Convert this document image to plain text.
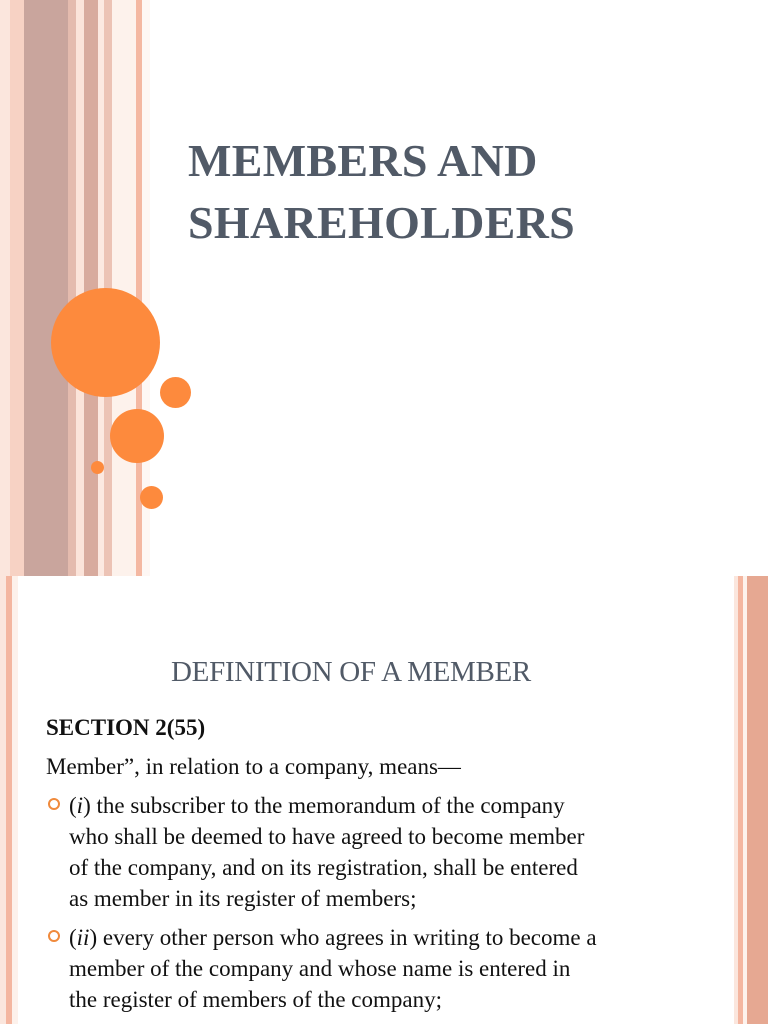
MEMBERS AND
SHAREHOLDERS
DEFINITION OF A MEMBER
SECTION 2(55)
Member”, in relation to a company, means—

(i) the subscriber to the memorandum of the company

who shall be deemed to have agreed to become member

of the company, and on its registration, shall be entered

as member in its register of members;

(ii) every other person who agrees in writing to become a

member of the company and whose name is entered in

the register of members of the company;
